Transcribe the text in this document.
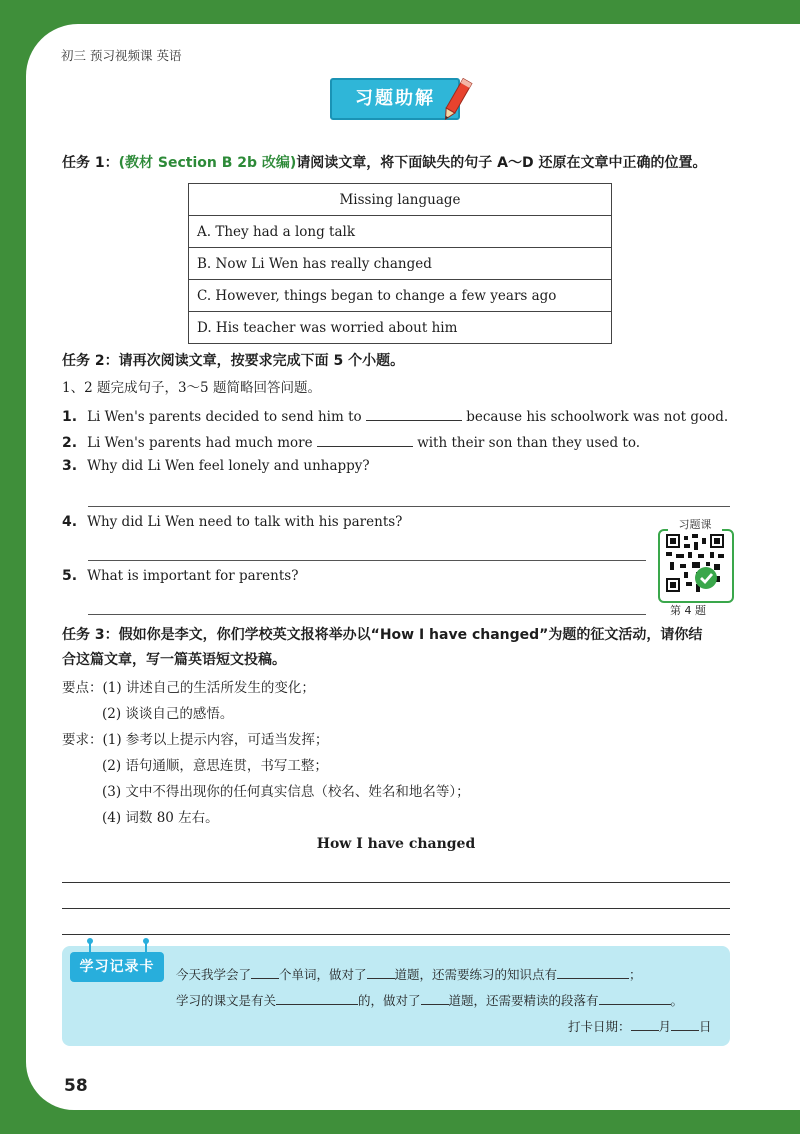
初三 预习视频课 英语
习题助解
任务 1：(教材 Section B 2b 改编)请阅读文章，将下面缺失的句子 A～D 还原在文章中正确的位置。
Missing language
A. They had a long talk
B. Now Li Wen has really changed
C. However, things began to change a few years ago
D. His teacher was worried about him
任务 2：请再次阅读文章，按要求完成下面 5 个小题。
1、2 题完成句子，3～5 题简略回答问题。
1. Li Wen's parents decided to send him to	because his schoolwork was not good.
2. Li Wen's parents had much more	with their son than they used to.
3. Why did Li Wen feel lonely and unhappy?
4. Why did Li Wen need to talk with his parents?
5. What is important for parents?
习题课
第 4 题
任务 3：假如你是李文，你们学校英文报将举办以“How I have changed”为题的征文活动，请你结
合这篇文章，写一篇英语短文投稿。
要点：(1) 讲述自己的生活所发生的变化；
(2) 谈谈自己的感悟。
要求：(1) 参考以上提示内容，可适当发挥；
(2) 语句通顺，意思连贯，书写工整；
(3) 文中不得出现你的任何真实信息（校名、姓名和地名等）；
(4) 词数 80 左右。
How I have changed
学习记录卡	今天我学会了 个单词，做对了 道题，还需要练习的知识点有	；
学习的课文是有关	的，做对了 道题，还需要精读的段落有	。
打卡日期： 月 日
58
